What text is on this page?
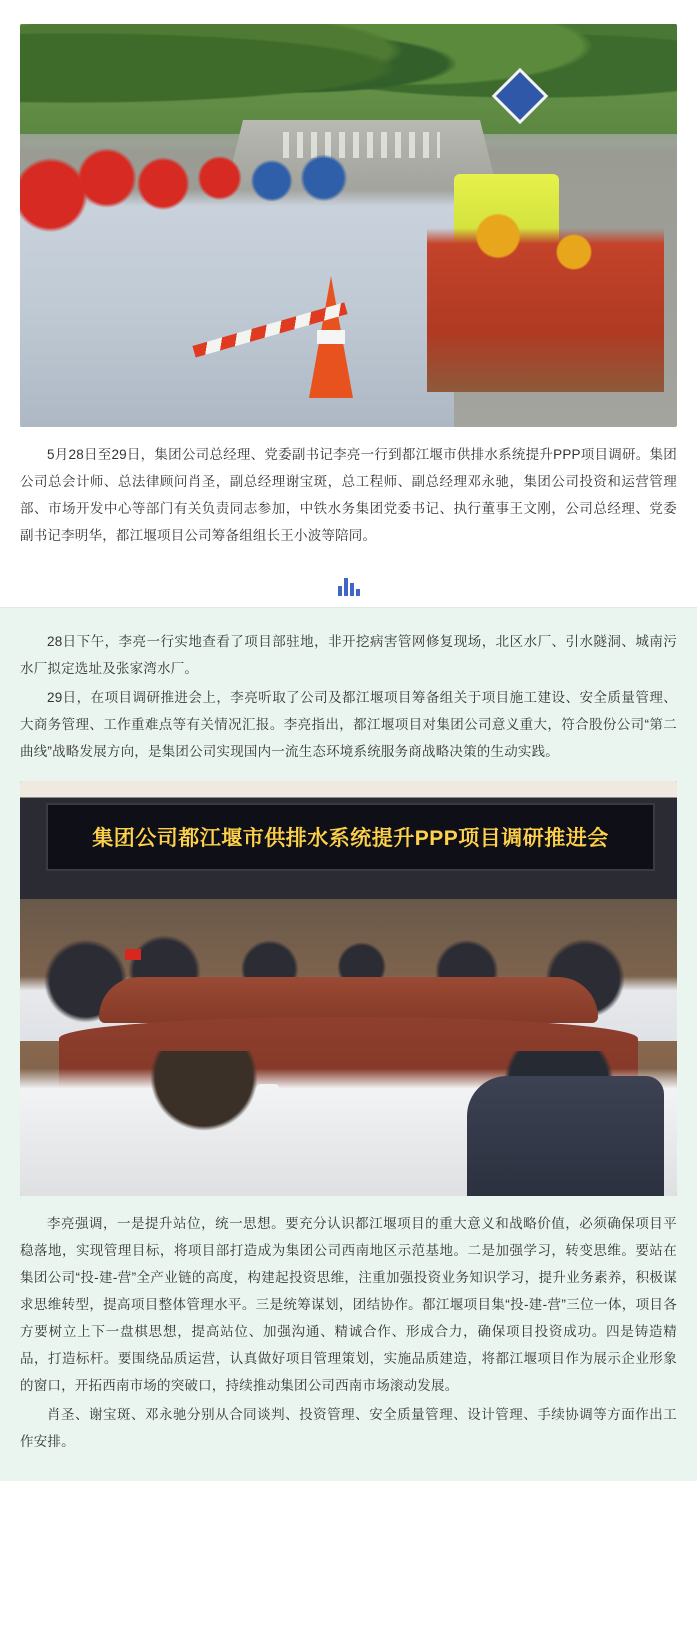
5月28日至29日，集团公司总经理、党委副书记李亮一行到都江堰市供排水系统提升PPP项目调研。集团公司总会计师、总法律顾问肖圣，副总经理谢宝斑，总工程师、副总经理邓永驰，集团公司投资和运营管理部、市场开发中心等部门有关负责同志参加，中铁水务集团党委书记、执行董事王文刚，公司总经理、党委副书记李明华，都江堰项目公司筹备组组长王小波等陪同。

28日下午，李亮一行实地查看了项目部驻地，非开挖病害管网修复现场，北区水厂、引水隧洞、城南污水厂拟定选址及张家湾水厂。

29日，在项目调研推进会上，李亮听取了公司及都江堰项目筹备组关于项目施工建设、安全质量管理、大商务管理、工作重难点等有关情况汇报。李亮指出，都江堰项目对集团公司意义重大，符合股份公司“第二曲线”战略发展方向，是集团公司实现国内一流生态环境系统服务商战略决策的生动实践。

集团公司都江堰市供排水系统提升PPP项目调研推进会

李亮强调，一是提升站位，统一思想。要充分认识都江堰项目的重大意义和战略价值，必须确保项目平稳落地，实现管理目标，将项目部打造成为集团公司西南地区示范基地。二是加强学习，转变思维。要站在集团公司“投‑建‑营”全产业链的高度，构建起投资思维，注重加强投资业务知识学习，提升业务素养，积极谋求思维转型，提高项目整体管理水平。三是统筹谋划，团结协作。都江堰项目集“投‑建‑营”三位一体，项目各方要树立上下一盘棋思想，提高站位、加强沟通、精诚合作、形成合力，确保项目投资成功。四是铸造精品，打造标杆。要围绕品质运营，认真做好项目管理策划，实施品质建造，将都江堰项目作为展示企业形象的窗口，开拓西南市场的突破口，持续推动集团公司西南市场滚动发展。

肖圣、谢宝斑、邓永驰分别从合同谈判、投资管理、安全质量管理、设计管理、手续协调等方面作出工作安排。
